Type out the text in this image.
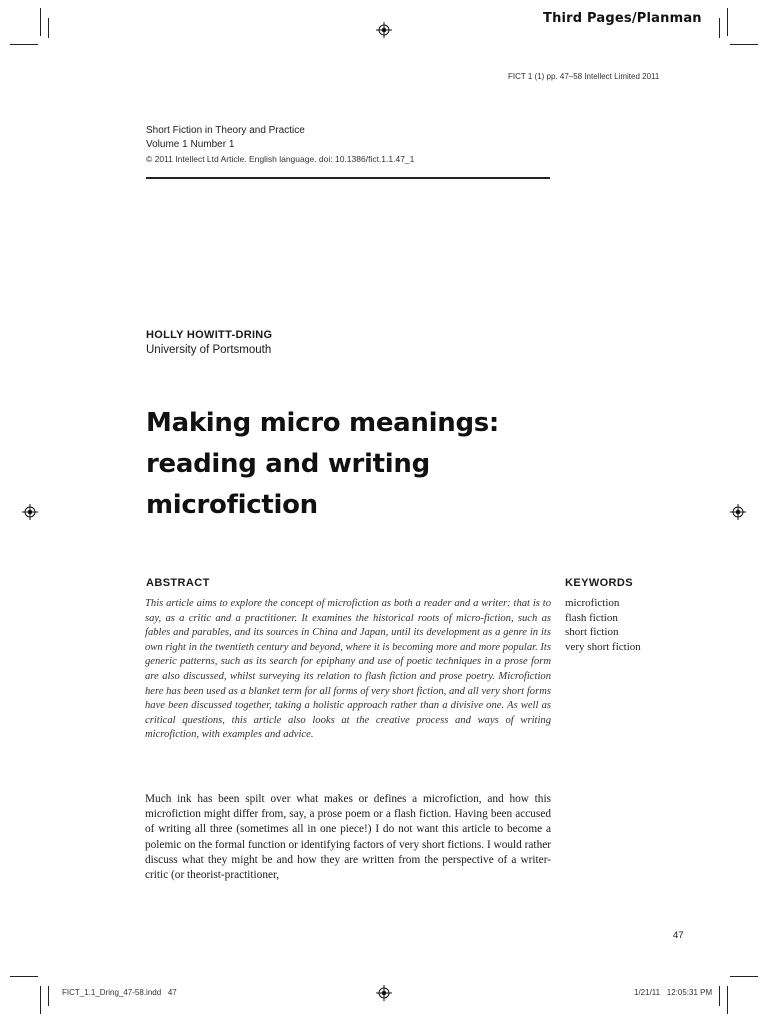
Third Pages/Planman
FICT 1 (1) pp. 47–58 Intellect Limited 2011
Short Fiction in Theory and Practice
Volume 1 Number 1
© 2011 Intellect Ltd Article. English language. doi: 10.1386/fict.1.1.47_1
HOLLY HOWITT-DRING
University of Portsmouth
Making micro meanings:
reading and writing
microfiction
ABSTRACT
This article aims to explore the concept of microfiction as both a reader and a writer: that is to say, as a critic and a practitioner. It examines the historical roots of micro-fiction, such as fables and parables, and its sources in China and Japan, until its development as a genre in its own right in the twentieth century and beyond, where it is becoming more and more popular. Its generic patterns, such as its search for epiphany and use of poetic techniques in a prose form are also discussed, whilst surveying its relation to flash fiction and prose poetry. Microfiction here has been used as a blanket term for all forms of very short fiction, and all very short forms have been discussed together, taking a holistic approach rather than a divisive one. As well as critical questions, this article also looks at the creative process and ways of writing microfiction, with examples and advice.
KEYWORDS
microfiction
flash fiction
short fiction
very short fiction
Much ink has been spilt over what makes or defines a microfiction, and how this microfiction might differ from, say, a prose poem or a flash fiction. Having been accused of writing all three (sometimes all in one piece!) I do not want this article to become a polemic on the formal function or identifying factors of very short fictions. I would rather discuss what they might be and how they are written from the perspective of a writer-critic (or theorist-practitioner,
47
FICT_1.1_Dring_47-58.indd   47	1/21/11   12:05:31 PM
